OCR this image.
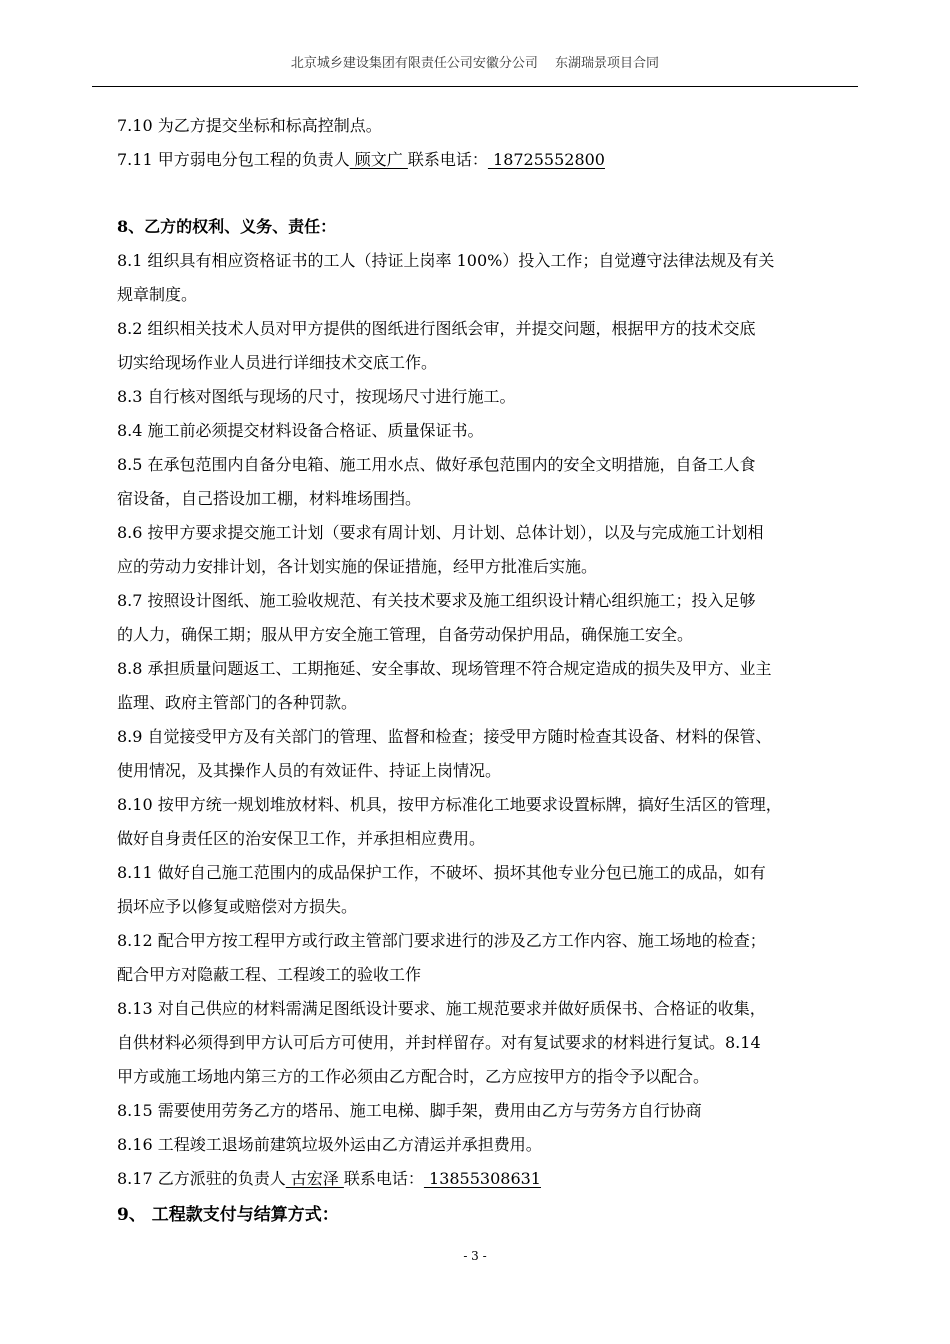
北京城乡建设集团有限责任公司安徽分公司　 东湖瑞景项目合同

7.10 为乙方提交坐标和标高控制点。

7.11 甲方弱电分包工程的负责人 顾文广 联系电话： 18725552800

8、乙方的权利、义务、责任：

8.1 组织具有相应资格证书的工人（持证上岗率 100%）投入工作；自觉遵守法律法规及有关

规章制度。

8.2 组织相关技术人员对甲方提供的图纸进行图纸会审，并提交问题，根据甲方的技术交底

切实给现场作业人员进行详细技术交底工作。

8.3 自行核对图纸与现场的尺寸，按现场尺寸进行施工。

8.4 施工前必须提交材料设备合格证、质量保证书。

8.5 在承包范围内自备分电箱、施工用水点、做好承包范围内的安全文明措施，自备工人食

宿设备，自己搭设加工棚，材料堆场围挡。

8.6 按甲方要求提交施工计划（要求有周计划、月计划、总体计划），以及与完成施工计划相

应的劳动力安排计划，各计划实施的保证措施，经甲方批准后实施。

8.7 按照设计图纸、施工验收规范、有关技术要求及施工组织设计精心组织施工；投入足够

的人力，确保工期；服从甲方安全施工管理，自备劳动保护用品，确保施工安全。

8.8 承担质量问题返工、工期拖延、安全事故、现场管理不符合规定造成的损失及甲方、业主

监理、政府主管部门的各种罚款。

8.9 自觉接受甲方及有关部门的管理、监督和检查；接受甲方随时检查其设备、材料的保管、

使用情况，及其操作人员的有效证件、持证上岗情况。

8.10 按甲方统一规划堆放材料、机具，按甲方标准化工地要求设置标牌，搞好生活区的管理，

做好自身责任区的治安保卫工作，并承担相应费用。

8.11 做好自己施工范围内的成品保护工作，不破坏、损坏其他专业分包已施工的成品，如有

损坏应予以修复或赔偿对方损失。

8.12 配合甲方按工程甲方或行政主管部门要求进行的涉及乙方工作内容、施工场地的检查；

配合甲方对隐蔽工程、工程竣工的验收工作

8.13 对自己供应的材料需满足图纸设计要求、施工规范要求并做好质保书、合格证的收集，

自供材料必须得到甲方认可后方可使用，并封样留存。对有复试要求的材料进行复试。8.14

甲方或施工场地内第三方的工作必须由乙方配合时，乙方应按甲方的指令予以配合。

8.15 需要使用劳务乙方的塔吊、施工电梯、脚手架，费用由乙方与劳务方自行协商

8.16 工程竣工退场前建筑垃圾外运由乙方清运并承担费用。

8.17 乙方派驻的负责人 古宏泽 联系电话： 13855308631

9、 工程款支付与结算方式：

- 3 -
